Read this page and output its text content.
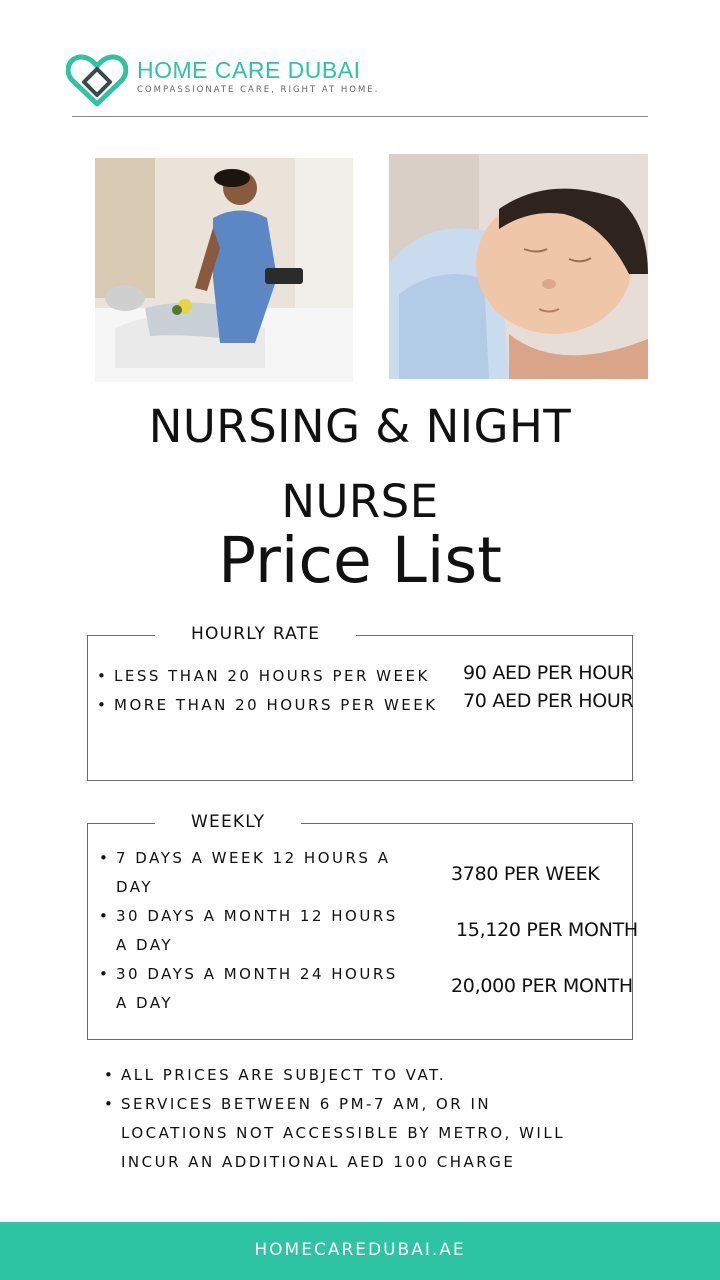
HOME CARE DUBAI
COMPASSIONATE CARE, RIGHT AT HOME.
NURSING & NIGHT
NURSE
Price List
HOURLY RATE
• LESS THAN 20 HOURS PER WEEK 90 AED PER HOUR
• MORE THAN 20 HOURS PER WEEK 70 AED PER HOUR
WEEKLY
• 7 DAYS A WEEK 12 HOURS A DAY
3780 PER WEEK
• 30 DAYS A MONTH 12 HOURS A DAY
15,120 PER MONTH
• 30 DAYS A MONTH 24 HOURS A DAY
20,000 PER MONTH
• ALL PRICES ARE SUBJECT TO VAT.
• SERVICES BETWEEN 6 PM-7 AM, OR IN LOCATIONS NOT ACCESSIBLE BY METRO, WILL INCUR AN ADDITIONAL AED 100 CHARGE
HOMECAREDUBAI.AE
